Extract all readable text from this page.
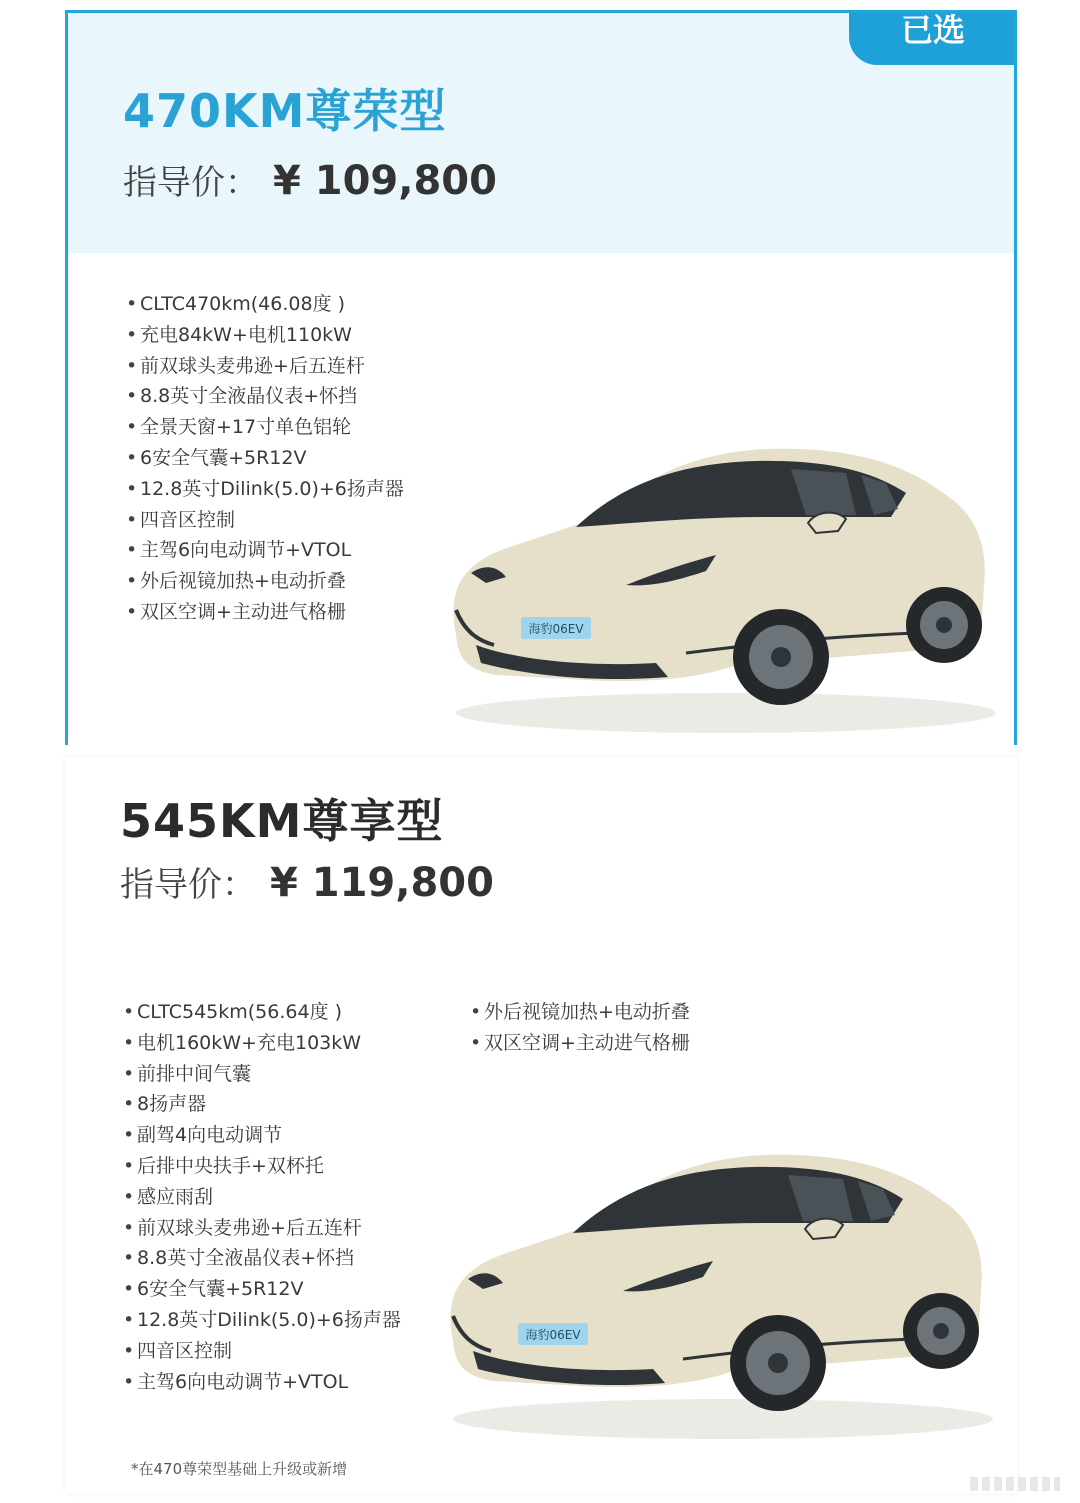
已选
470KM尊荣型
指导价： ¥ 109,800
• CLTC470km(46.08度 )
• 充电84kW+电机110kW
• 前双球头麦弗逊+后五连杆
• 8.8英寸全液晶仪表+怀挡
• 全景天窗+17寸单色铝轮
• 6安全气囊+5R12V
• 12.8英寸Dilink(5.0)+6扬声器
• 四音区控制
• 主驾6向电动调节+VTOL
• 外后视镜加热+电动折叠
• 双区空调+主动进气格栅
海豹06EV
545KM尊享型
指导价： ¥ 119,800
• CLTC545km(56.64度 )
• 电机160kW+充电103kW
• 前排中间气囊
• 8扬声器
• 副驾4向电动调节
• 后排中央扶手+双杯托
• 感应雨刮
• 前双球头麦弗逊+后五连杆
• 8.8英寸全液晶仪表+怀挡
• 6安全气囊+5R12V
• 12.8英寸Dilink(5.0)+6扬声器
• 四音区控制
• 主驾6向电动调节+VTOL
• 外后视镜加热+电动折叠
• 双区空调+主动进气格栅
海豹06EV
*在470尊荣型基础上升级或新增
